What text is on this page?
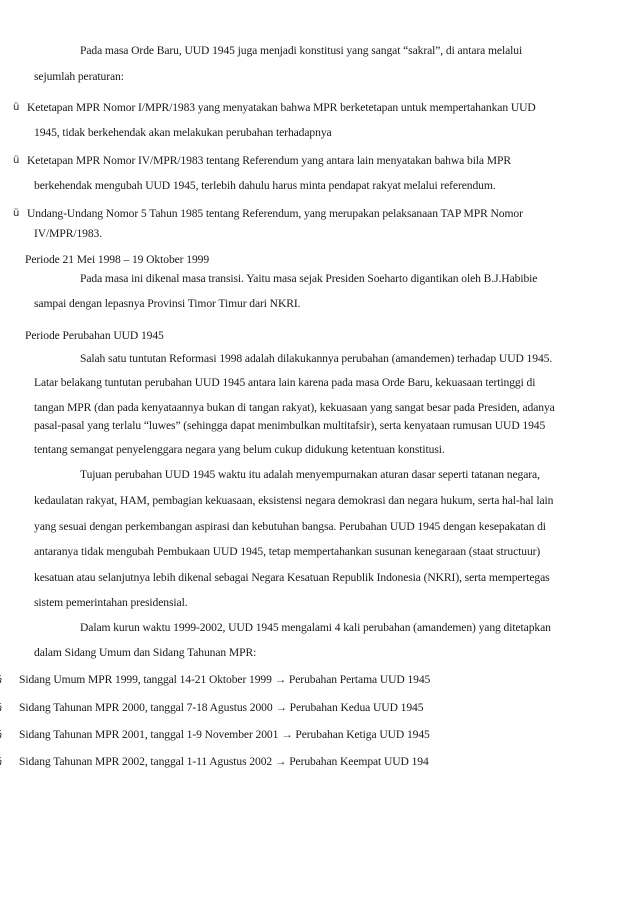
Pada masa Orde Baru, UUD 1945 juga menjadi konstitusi yang sangat “sakral”, di antara melalui
sejumlah peraturan:
ü Ketetapan MPR Nomor I/MPR/1983 yang menyatakan bahwa MPR berketetapan untuk mempertahankan UUD
1945, tidak berkehendak akan melakukan perubahan terhadapnya
ü Ketetapan MPR Nomor IV/MPR/1983 tentang Referendum yang antara lain menyatakan bahwa bila MPR
berkehendak mengubah UUD 1945, terlebih dahulu harus minta pendapat rakyat melalui referendum.
ü Undang-Undang Nomor 5 Tahun 1985 tentang Referendum, yang merupakan pelaksanaan TAP MPR Nomor
IV/MPR/1983.
Periode 21 Mei 1998 – 19 Oktober 1999
Pada masa ini dikenal masa transisi. Yaitu masa sejak Presiden Soeharto digantikan oleh B.J.Habibie
sampai dengan lepasnya Provinsi Timor Timur dari NKRI.
Periode Perubahan UUD 1945
Salah satu tuntutan Reformasi 1998 adalah dilakukannya perubahan (amandemen) terhadap UUD 1945.
Latar belakang tuntutan perubahan UUD 1945 antara lain karena pada masa Orde Baru, kekuasaan tertinggi di
tangan MPR (dan pada kenyataannya bukan di tangan rakyat), kekuasaan yang sangat besar pada Presiden, adanya
pasal-pasal yang terlalu “luwes” (sehingga dapat menimbulkan multitafsir), serta kenyataan rumusan UUD 1945
tentang semangat penyelenggara negara yang belum cukup didukung ketentuan konstitusi.
Tujuan perubahan UUD 1945 waktu itu adalah menyempurnakan aturan dasar seperti tatanan negara,
kedaulatan rakyat, HAM, pembagian kekuasaan, eksistensi negara demokrasi dan negara hukum, serta hal-hal lain
yang sesuai dengan perkembangan aspirasi dan kebutuhan bangsa. Perubahan UUD 1945 dengan kesepakatan di
antaranya tidak mengubah Pembukaan UUD 1945, tetap mempertahankan susunan kenegaraan (staat structuur)
kesatuan atau selanjutnya lebih dikenal sebagai Negara Kesatuan Republik Indonesia (NKRI), serta mempertegas
sistem pemerintahan presidensial.
Dalam kurun waktu 1999-2002, UUD 1945 mengalami 4 kali perubahan (amandemen) yang ditetapkan
dalam Sidang Umum dan Sidang Tahunan MPR:
Sidang Umum MPR 1999, tanggal 14-21 Oktober 1999 → Perubahan Pertama UUD 1945
Sidang Tahunan MPR 2000, tanggal 7-18 Agustus 2000 → Perubahan Kedua UUD 1945
Sidang Tahunan MPR 2001, tanggal 1-9 November 2001 → Perubahan Ketiga UUD 1945
Sidang Tahunan MPR 2002, tanggal 1-11 Agustus 2002 → Perubahan Keempat UUD 194
